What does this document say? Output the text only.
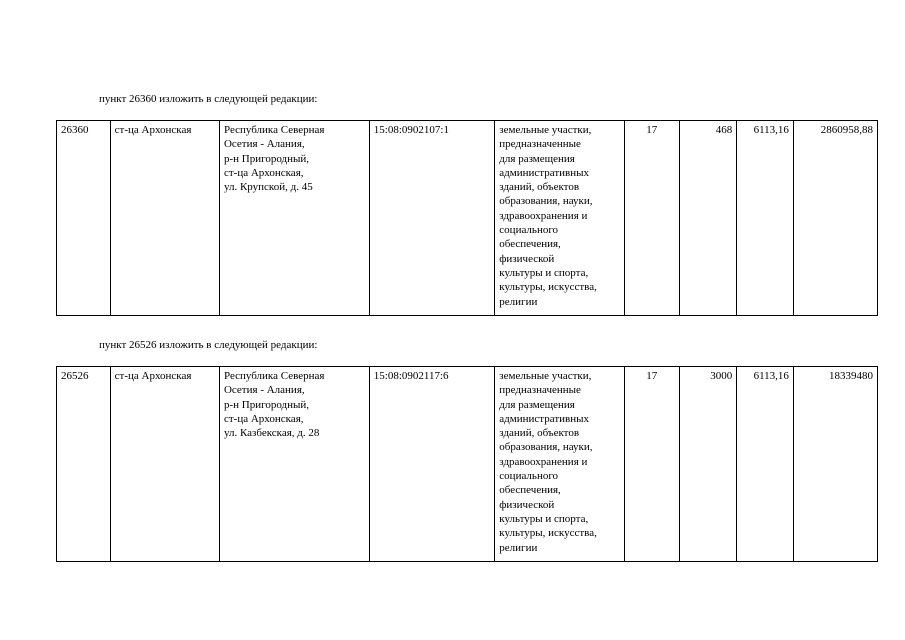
пункт 26360 изложить в следующей редакции:

26360	ст-ца Архонская	Республика Северная
Осетия - Алания,
р-н Пригородный,
ст-ца Архонская,
ул. Крупской, д. 45
	15:08:0902107:1	земельные участки,
предназначенные
для размещения
административных
зданий, объектов
образования, науки,
здравоохранения и
социального
обеспечения,
физической
культуры и спорта,
культуры, искусства,
религии
	17	468	6113,16	2860958,88

пункт 26526 изложить в следующей редакции:

26526	ст-ца Архонская	Республика Северная
Осетия - Алания,
р-н Пригородный,
ст-ца Архонская,
ул. Казбекская, д. 28
	15:08:0902117:6	земельные участки,
предназначенные
для размещения
административных
зданий, объектов
образования, науки,
здравоохранения и
социального
обеспечения,
физической
культуры и спорта,
культуры, искусства,
религии
	17	3000	6113,16	18339480
